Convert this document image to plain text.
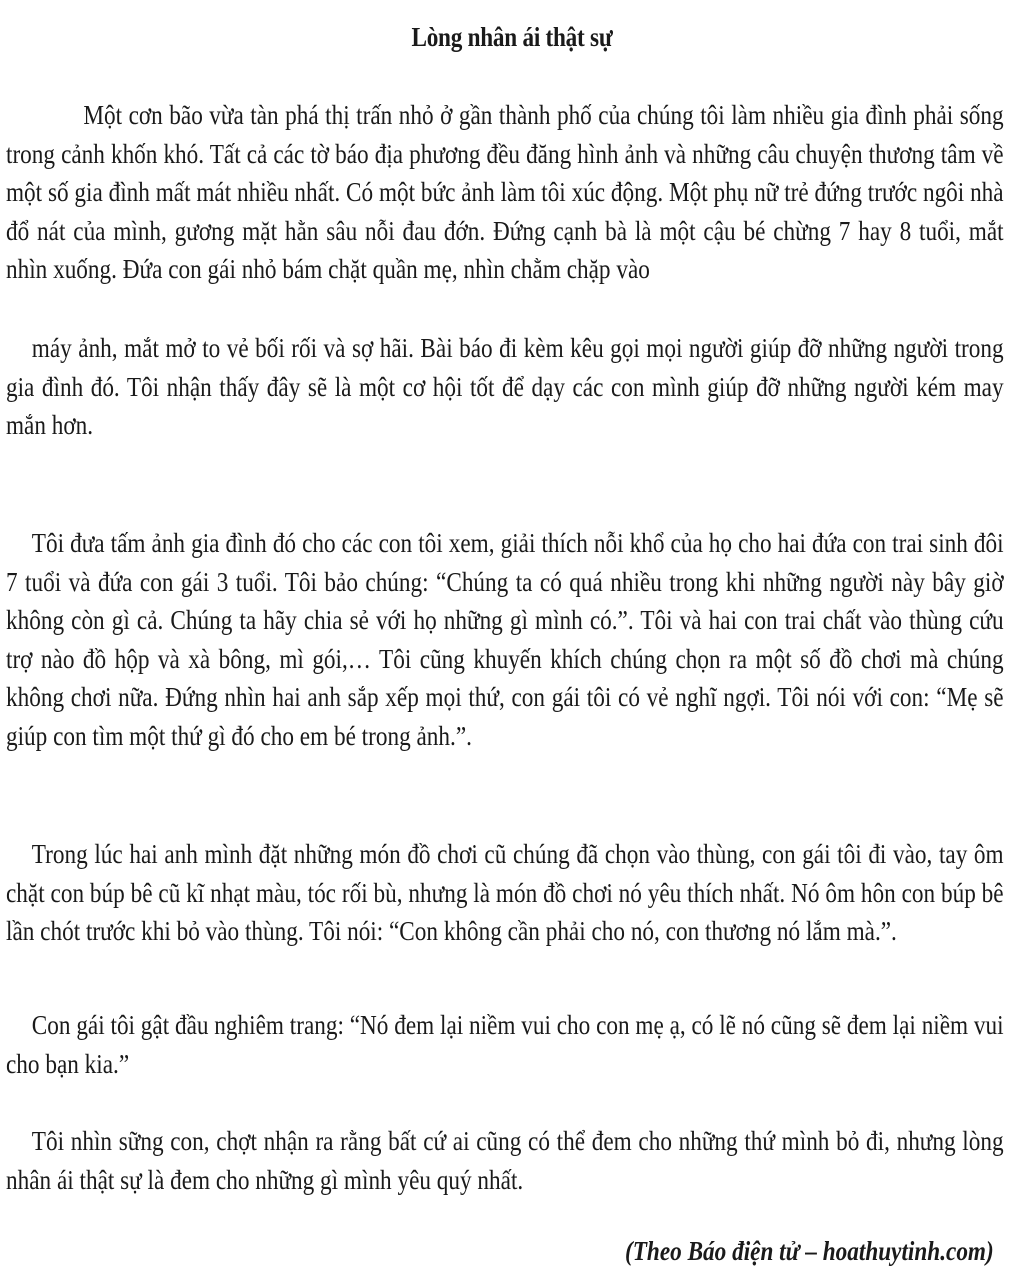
Lòng nhân ái thật sự

Một cơn bão vừa tàn phá thị trấn nhỏ ở gần thành phố của chúng tôi làm nhiều gia đình phải sống trong cảnh khốn khó. Tất cả các tờ báo địa phương đều đăng hình ảnh và những câu chuyện thương tâm về một số gia đình mất mát nhiều nhất. Có một bức ảnh làm tôi xúc động. Một phụ nữ trẻ đứng trước ngôi nhà đổ nát của mình, gương mặt hằn sâu nỗi đau đớn. Đứng cạnh bà là một cậu bé chừng 7 hay 8 tuổi, mắt nhìn xuống. Đứa con gái nhỏ bám chặt quần mẹ, nhìn chằm chặp vào

máy ảnh, mắt mở to vẻ bối rối và sợ hãi. Bài báo đi kèm kêu gọi mọi người giúp đỡ những người trong gia đình đó. Tôi nhận thấy đây sẽ là một cơ hội tốt để dạy các con mình giúp đỡ những người kém may mắn hơn.

Tôi đưa tấm ảnh gia đình đó cho các con tôi xem, giải thích nỗi khổ của họ cho hai đứa con trai sinh đôi 7 tuổi và đứa con gái 3 tuổi. Tôi bảo chúng: “Chúng ta có quá nhiều trong khi những người này bây giờ không còn gì cả. Chúng ta hãy chia sẻ với họ những gì mình có.”. Tôi và hai con trai chất vào thùng cứu trợ nào đồ hộp và xà bông, mì gói,… Tôi cũng khuyến khích chúng chọn ra một số đồ chơi mà chúng không chơi nữa. Đứng nhìn hai anh sắp xếp mọi thứ, con gái tôi có vẻ nghĩ ngợi. Tôi nói với con: “Mẹ sẽ giúp con tìm một thứ gì đó cho em bé trong ảnh.”.

Trong lúc hai anh mình đặt những món đồ chơi cũ chúng đã chọn vào thùng, con gái tôi đi vào, tay ôm chặt con búp bê cũ kĩ nhạt màu, tóc rối bù, nhưng là món đồ chơi nó yêu thích nhất. Nó ôm hôn con búp bê lần chót trước khi bỏ vào thùng. Tôi nói: “Con không cần phải cho nó, con thương nó lắm mà.”.

Con gái tôi gật đầu nghiêm trang: “Nó đem lại niềm vui cho con mẹ ạ, có lẽ nó cũng sẽ đem lại niềm vui cho bạn kia.”

Tôi nhìn sững con, chợt nhận ra rằng bất cứ ai cũng có thể đem cho những thứ mình bỏ đi, nhưng lòng nhân ái thật sự là đem cho những gì mình yêu quý nhất.

(Theo Báo điện tử – hoathuytinh.com)
